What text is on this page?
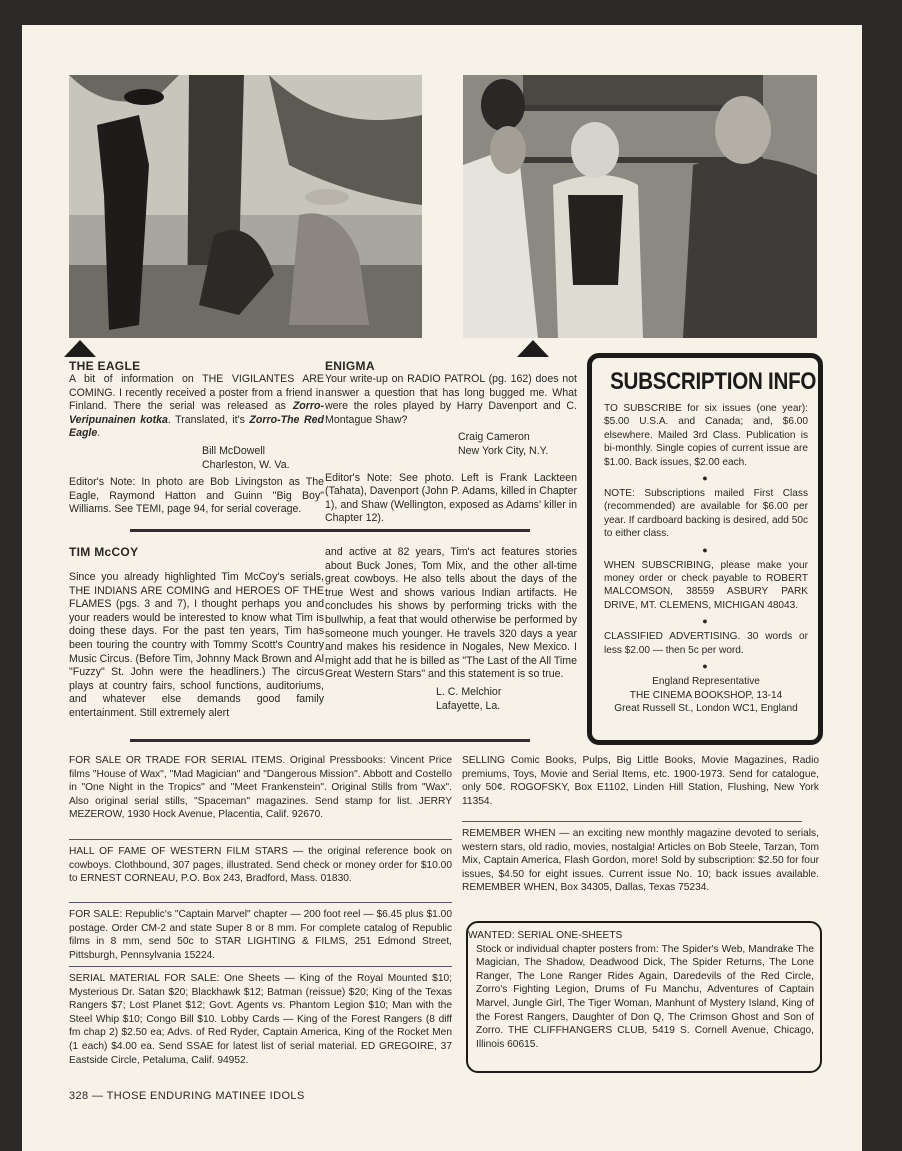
THE EAGLE
A bit of information on THE VIGILANTES ARE COMING. I recently received a poster from a friend in Finland. There the serial was released as Zorro-Veripunainen kotka. Translated, it's Zorro-The Red Eagle.
Bill McDowell
Charleston, W. Va.
Editor's Note: In photo are Bob Livingston as The Eagle, Raymond Hatton and Guinn "Big Boy" Williams. See TEMI, page 94, for serial coverage.
ENIGMA
Your write-up on RADIO PATROL (pg. 162) does not answer a question that has long bugged me. What were the roles played by Harry Davenport and C. Montague Shaw?
Craig Cameron
New York City, N.Y.
Editor's Note: See photo. Left is Frank Lackteen (Tahata), Davenport (John P. Adams, killed in Chapter 1), and Shaw (Wellington, exposed as Adams' killer in Chapter 12).
TIM McCOY
Since you already highlighted Tim McCoy's serials, THE INDIANS ARE COMING and HEROES OF THE FLAMES (pgs. 3 and 7), I thought perhaps you and your readers would be interested to know what Tim is doing these days. For the past ten years, Tim has been touring the country with Tommy Scott's Country Music Circus. (Before Tim, Johnny Mack Brown and Al "Fuzzy" St. John were the headliners.) The circus plays at country fairs, school functions, auditoriums, and whatever else demands good family entertainment. Still extremely alert
and active at 82 years, Tim's act features stories about Buck Jones, Tom Mix, and the other all-time great cowboys. He also tells about the days of the true West and shows various Indian artifacts. He concludes his shows by performing tricks with the bullwhip, a feat that would otherwise be performed by someone much younger. He travels 320 days a year and makes his residence in Nogales, New Mexico. I might add that he is billed as "The Last of the All Time Great Western Stars" and this statement is so true.
L. C. Melchior
Lafayette, La.
SUBSCRIPTION INFO
TO SUBSCRIBE for six issues (one year): $5.00 U.S.A. and Canada; and, $6.00 elsewhere. Mailed 3rd Class. Publication is bi-monthly. Single copies of current issue are $1.00. Back issues, $2.00 each.
●
NOTE: Subscriptions mailed First Class (recommended) are available for $6.00 per year. If cardboard backing is desired, add 50c to either class.
●
WHEN SUBSCRIBING, please make your money order or check payable to ROBERT MALCOMSON, 38559 ASBURY PARK DRIVE, MT. CLEMENS, MICHIGAN 48043.
●
CLASSIFIED ADVERTISING. 30 words or less $2.00 — then 5c per word.
●
England Representative
THE CINEMA BOOKSHOP, 13-14
Great Russell St., London WC1, England
FOR SALE OR TRADE FOR SERIAL ITEMS. Original Pressbooks: Vincent Price films "House of Wax", "Mad Magician" and "Dangerous Mission". Abbott and Costello in "One Night in the Tropics" and "Meet Frankenstein". Original Stills from "Wax". Also original serial stills, "Spaceman" magazines. Send stamp for list. JERRY MEZEROW, 1930 Hock Avenue, Placentia, Calif. 92670.
HALL OF FAME OF WESTERN FILM STARS — the original reference book on cowboys. Clothbound, 307 pages, illustrated. Send check or money order for $10.00 to ERNEST CORNEAU, P.O. Box 243, Bradford, Mass. 01830.
FOR SALE: Republic's "Captain Marvel" chapter — 200 foot reel — $6.45 plus $1.00 postage. Order CM-2 and state Super 8 or 8 mm. For complete catalog of Republic films in 8 mm, send 50c to STAR LIGHTING & FILMS, 251 Edmond Street, Pittsburgh, Pennsylvania 15224.
SERIAL MATERIAL FOR SALE: One Sheets — King of the Royal Mounted $10; Mysterious Dr. Satan $20; Blackhawk $12; Batman (reissue) $20; King of the Texas Rangers $7; Lost Planet $12; Govt. Agents vs. Phantom Legion $10; Man with the Steel Whip $10; Congo Bill $10. Lobby Cards — King of the Forest Rangers (8 diff fm chap 2) $2.50 ea; Advs. of Red Ryder, Captain America, King of the Rocket Men (1 each) $4.00 ea. Send SSAE for latest list of serial material. ED GREGOIRE, 37 Eastside Circle, Petaluma, Calif. 94952.
SELLING Comic Books, Pulps, Big Little Books, Movie Magazines, Radio premiums, Toys, Movie and Serial Items, etc. 1900-1973. Send for catalogue, only 50¢. ROGOFSKY, Box E1102, Linden Hill Station, Flushing, New York 11354.
REMEMBER WHEN — an exciting new monthly magazine devoted to serials, western stars, old radio, movies, nostalgia! Articles on Bob Steele, Tarzan, Tom Mix, Captain America, Flash Gordon, more! Sold by subscription: $2.50 for four issues, $4.50 for eight issues. Current issue No. 10; back issues available. REMEMBER WHEN, Box 34305, Dallas, Texas 75234.
WANTED: SERIAL ONE-SHEETS
Stock or individual chapter posters from: The Spider's Web, Mandrake The Magician, The Shadow, Deadwood Dick, The Spider Returns, The Lone Ranger, The Lone Ranger Rides Again, Daredevils of the Red Circle, Zorro's Fighting Legion, Drums of Fu Manchu, Adventures of Captain Marvel, Jungle Girl, The Tiger Woman, Manhunt of Mystery Island, King of the Forest Rangers, Daughter of Don Q, The Crimson Ghost and Son of Zorro. THE CLIFFHANGERS CLUB, 5419 S. Cornell Avenue, Chicago, Illinois 60615.
328 — THOSE ENDURING MATINEE IDOLS
